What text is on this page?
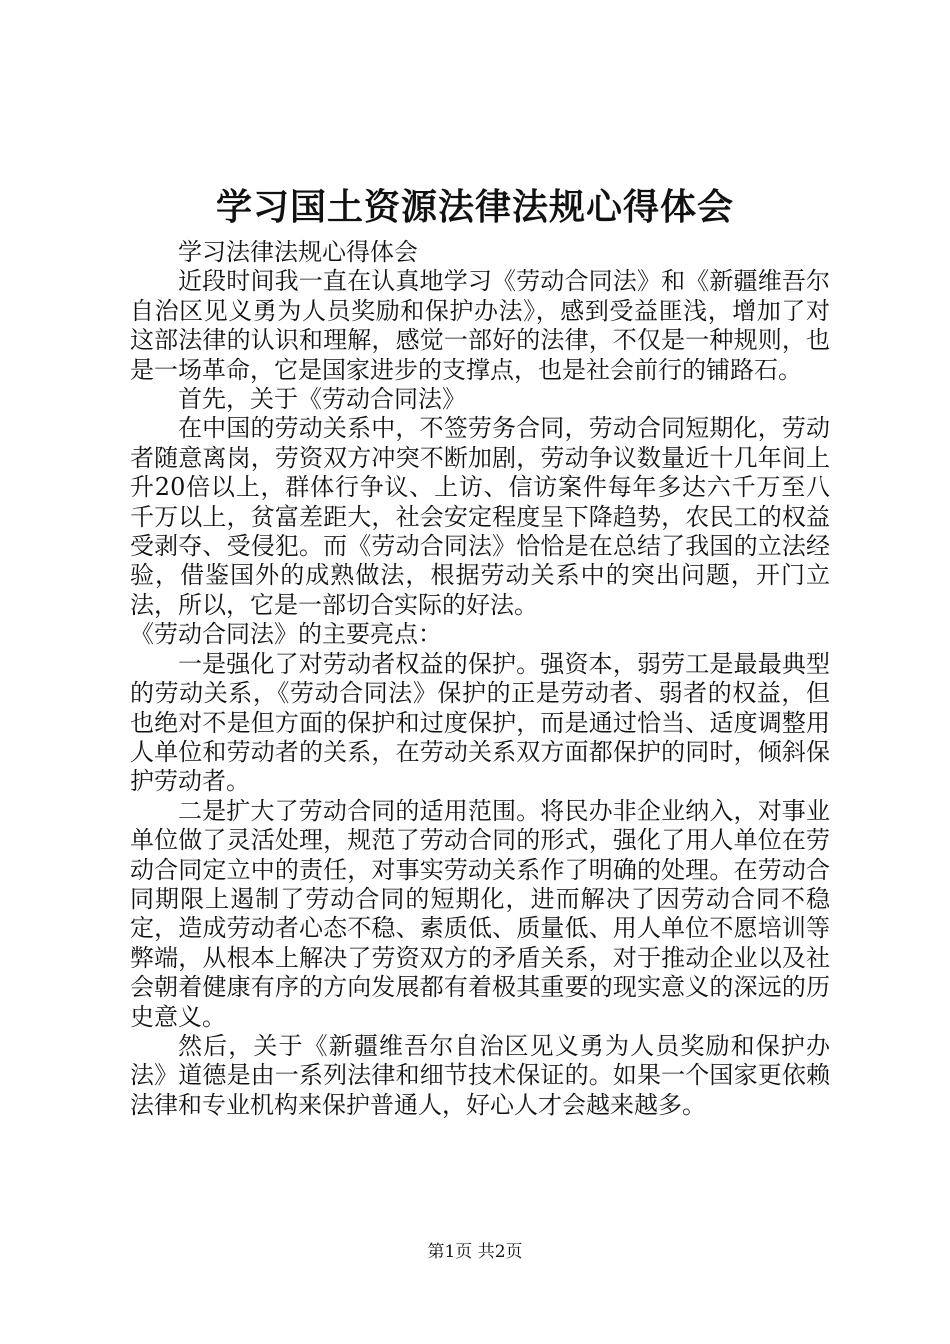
学习国土资源法律法规心得体会

学习法律法规心得体会

近段时间我一直在认真地学习《劳动合同法》和《新疆维吾尔自治区见义勇为人员奖励和保护办法》，感到受益匪浅，增加了对这部法律的认识和理解，感觉一部好的法律，不仅是一种规则，也是一场革命，它是国家进步的支撑点，也是社会前行的铺路石。

首先，关于《劳动合同法》

在中国的劳动关系中，不签劳务合同，劳动合同短期化，劳动者随意离岗，劳资双方冲突不断加剧，劳动争议数量近十几年间上升20倍以上，群体行争议、上访、信访案件每年多达六千万至八千万以上，贫富差距大，社会安定程度呈下降趋势，农民工的权益受剥夺、受侵犯。而《劳动合同法》恰恰是在总结了我国的立法经验，借鉴国外的成熟做法，根据劳动关系中的突出问题，开门立法，所以，它是一部切合实际的好法。

《劳动合同法》的主要亮点：

一是强化了对劳动者权益的保护。强资本，弱劳工是最最典型的劳动关系，《劳动合同法》保护的正是劳动者、弱者的权益，但也绝对不是但方面的保护和过度保护，而是通过恰当、适度调整用人单位和劳动者的关系，在劳动关系双方面都保护的同时，倾斜保护劳动者。

二是扩大了劳动合同的适用范围。将民办非企业纳入，对事业单位做了灵活处理，规范了劳动合同的形式，强化了用人单位在劳动合同定立中的责任，对事实劳动关系作了明确的处理。在劳动合同期限上遏制了劳动合同的短期化，进而解决了因劳动合同不稳定，造成劳动者心态不稳、素质低、质量低、用人单位不愿培训等弊端，从根本上解决了劳资双方的矛盾关系，对于推动企业以及社会朝着健康有序的方向发展都有着极其重要的现实意义的深远的历史意义。

然后，关于《新疆维吾尔自治区见义勇为人员奖励和保护办法》道德是由一系列法律和细节技术保证的。如果一个国家更依赖法律和专业机构来保护普通人，好心人才会越来越多。

第1页 共2页
